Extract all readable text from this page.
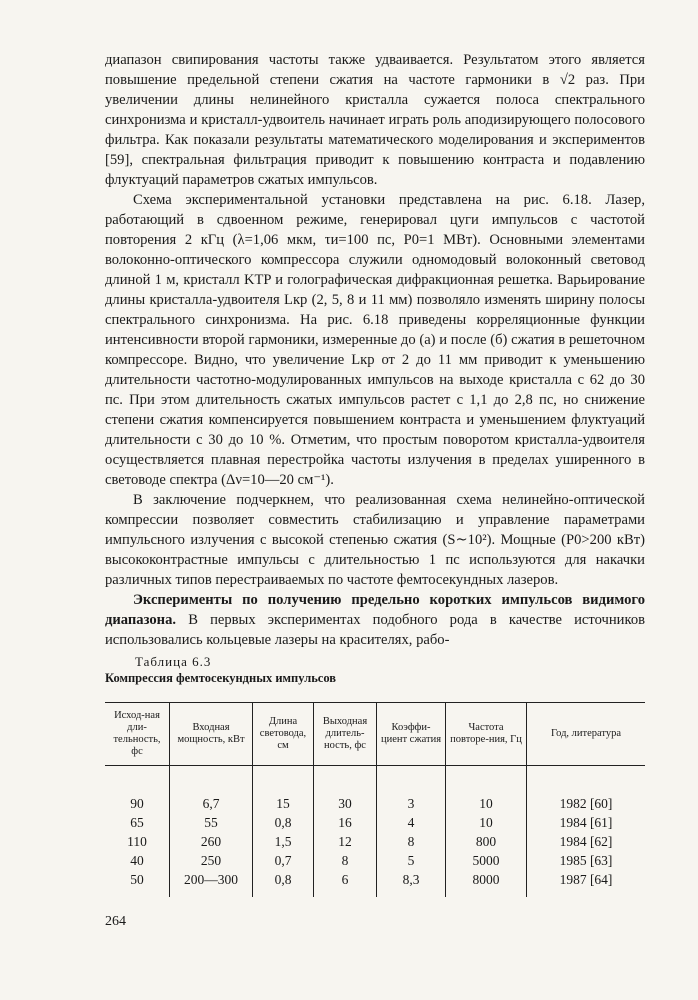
диапазон свипирования частоты также удваивается. Результатом этого является повышение предельной степени сжатия на частоте гармоники в √2 раз. При увеличении длины нелинейного кристалла сужается полоса спектрального синхронизма и кристалл-удвоитель начинает играть роль аподизирующего полосового фильтра. Как показали результаты математического моделирования и экспериментов [59], спектральная фильтрация приводит к повышению контраста и подавлению флуктуаций параметров сжатых импульсов.

Схема экспериментальной установки представлена на рис. 6.18. Лазер, работающий в сдвоенном режиме, генерировал цуги импульсов с частотой повторения 2 кГц (λ=1,06 мкм, τи=100 пс, P0=1 МВт). Основными элементами волоконно-оптического компрессора служили одномодовый волоконный световод длиной 1 м, кристалл KTP и голографическая дифракционная решетка. Варьирование длины кристалла-удвоителя Lкр (2, 5, 8 и 11 мм) позволяло изменять ширину полосы спектрального синхронизма. На рис. 6.18 приведены корреляционные функции интенсивности второй гармоники, измеренные до (а) и после (б) сжатия в решеточном компрессоре. Видно, что увеличение Lкр от 2 до 11 мм приводит к уменьшению длительности частотно-модулированных импульсов на выходе кристалла с 62 до 30 пс. При этом длительность сжатых импульсов растет с 1,1 до 2,8 пс, но снижение степени сжатия компенсируется повышением контраста и уменьшением флуктуаций длительности с 30 до 10 %. Отметим, что простым поворотом кристалла-удвоителя осуществляется плавная перестройка частоты излучения в пределах уширенного в световоде спектра (Δν=10—20 см⁻¹).

В заключение подчеркнем, что реализованная схема нелинейно-оптической компрессии позволяет совместить стабилизацию и управление параметрами импульсного излучения с высокой степенью сжатия (S∼10²). Мощные (P0>200 кВт) высококонтрастные импульсы с длительностью 1 пс используются для накачки различных типов перестраиваемых по частоте фемтосекундных лазеров.

Эксперименты по получению предельно коротких импульсов видимого диапазона. В первых экспериментах подобного рода в качестве источников использовались кольцевые лазеры на красителях, рабо-

Таблица 6.3
Компрессия фемтосекундных импульсов
Исход-ная дли-тельность, фс	Входная мощность, кВт	Длина световода, см	Выходная длитель-ность, фс	Коэффи-циент сжатия	Частота повторе-ния, Гц	Год, литература

90	6,7	15	30	3	10	1982 [60]
65	55	0,8	16	4	10	1984 [61]
110	260	1,5	12	8	800	1984 [62]
40	250	0,7	8	5	5000	1985 [63]
50	200—300	0,8	6	8,3	8000	1987 [64]
264
